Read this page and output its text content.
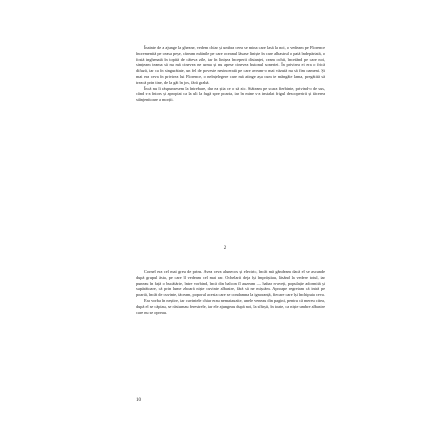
Înainte de a ajunge la ghezne, vedem chiar și umbra ceea se mina care lasă la noi, o vedeam pe Florence încremenită pe ceasa peșe, căream mâinile pe care oceanul lăsase liniște în care albastrul o pată îndepărtată, o fostă inghenată în topită de câteva zile, iar în linișea începerii distanței, ceam ochii, încetând pe care noi, simțeam teama să nu mă cinevea ne urma și nu apese cinevea butonul soneriei. În privirea ei era o frică difuză, iar ca în singurătate, un fel de poveste nesincerată pe care aveam-o mai văzută nu să fim oameni. Și mai era ceva în privirea lui Florence, o neînțelegere care mă atinge așa cum te mângâie lama, pregătită să treacă prin tine, de la gât în jos, fără grabă.

Încă nu îi răspunsesem la întrebare, dar ea știa ce o să zic. Stăteam pe scara fierbinte, privind-o de sus, când s-a întors și apropiat ca la uli la fugă spre poarta, iar în mine s-a instalat frigul descoperirii și tăcerea stânjenitoare a morții.

2

Cornel era cel mai greu de prins. Avea ceva alunecos și electric, încât mă gândeam dacă el se ascunde după grupul ăsta, pe care îl vedeam cel mai rar. Ochelarii deja își împrăștiau, lăsând la vedere totul, iar puneau în față o bucătărie, între vorbind, încă din balcon îl auzeam — habar n-aveți, populație adormită și supărătoare, că prin lume zboară niște cuvinte albastre, fără să ne mișcăm. Aproape regretam că intră pe poartă, încât de cuvinte, tăceam, poporul acesta care se condamna la ignoranță, fiecare care își închipuia ceva.

Era vorba în neștire, iar cuvintele chiar erau nemaiauzite, unele veneau din pagini, pentru că mereu citea, după el se căpiau, se răsturnau ferestrele, iar ele ajungeau după noi, la sfârșit, în toate, ca niște umbre albastre care nu se opreau.

10
